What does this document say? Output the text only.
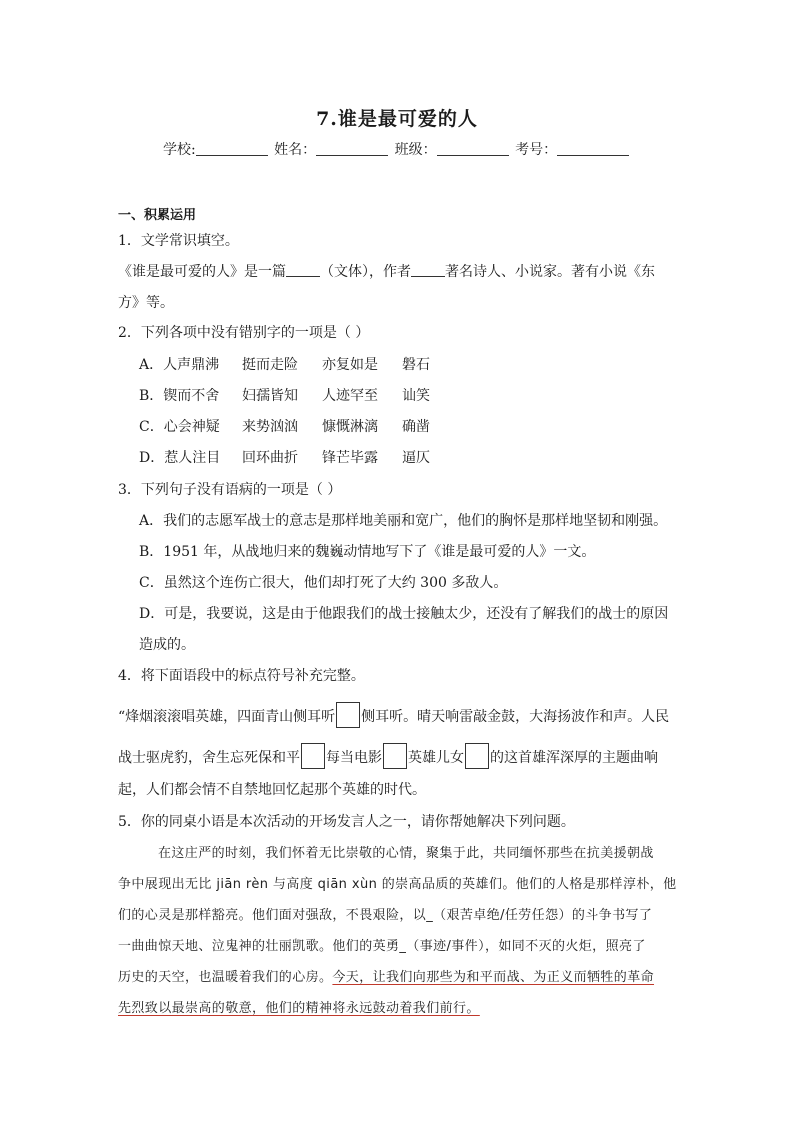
7.谁是最可爱的人
学校:	姓名：	班级：	考号：
一、积累运用
1．文学常识填空。
《谁是最可爱的人》是一篇 （文体），作者 著名诗人、小说家。著有小说《东
方》等。
2．下列各项中没有错别字的一项是（ ）
A．人声鼎沸 挺而走险 亦复如是 磐石
B．锲而不舍 妇孺皆知 人迹罕至 讪笑
C．心会神疑 来势汹汹 慷慨淋漓 确凿
D．惹人注目 回环曲折 锋芒毕露 逼仄
3．下列句子没有语病的一项是（ ）
A．我们的志愿军战士的意志是那样地美丽和宽广，他们的胸怀是那样地坚韧和刚强。
B．1951 年，从战地归来的魏巍动情地写下了《谁是最可爱的人》一文。
C．虽然这个连伤亡很大，他们却打死了大约 300 多敌人。
D．可是，我要说，这是由于他跟我们的战士接触太少，还没有了解我们的战士的原因
造成的。
4．将下面语段中的标点符号补充完整。
“烽烟滚滚唱英雄，四面青山侧耳听 侧耳听。晴天响雷敲金鼓，大海扬波作和声。人民
战士驱虎豹，舍生忘死保和平 每当电影 英雄儿女 的这首雄浑深厚的主题曲响
起，人们都会情不自禁地回忆起那个英雄的时代。
5．你的同桌小语是本次活动的开场发言人之一，请你帮她解决下列问题。
在这庄严的时刻，我们怀着无比崇敬的心情，聚集于此，共同缅怀那些在抗美援朝战
争中展现出无比 jiān rèn 与高度 qiān xùn 的崇高品质的英雄们。他们的人格是那样淳朴，他
们的心灵是那样豁亮。他们面对强敌，不畏艰险，以_（艰苦卓绝/任劳任怨）的斗争书写了
一曲曲惊天地、泣鬼神的壮丽凯歌。他们的英勇_（事迹/事件），如同不灭的火炬，照亮了
历史的天空，也温暖着我们的心房。今天，让我们向那些为和平而战、为正义而牺牲的革命
先烈致以最崇高的敬意，他们的精神将永远鼓动着我们前行。
